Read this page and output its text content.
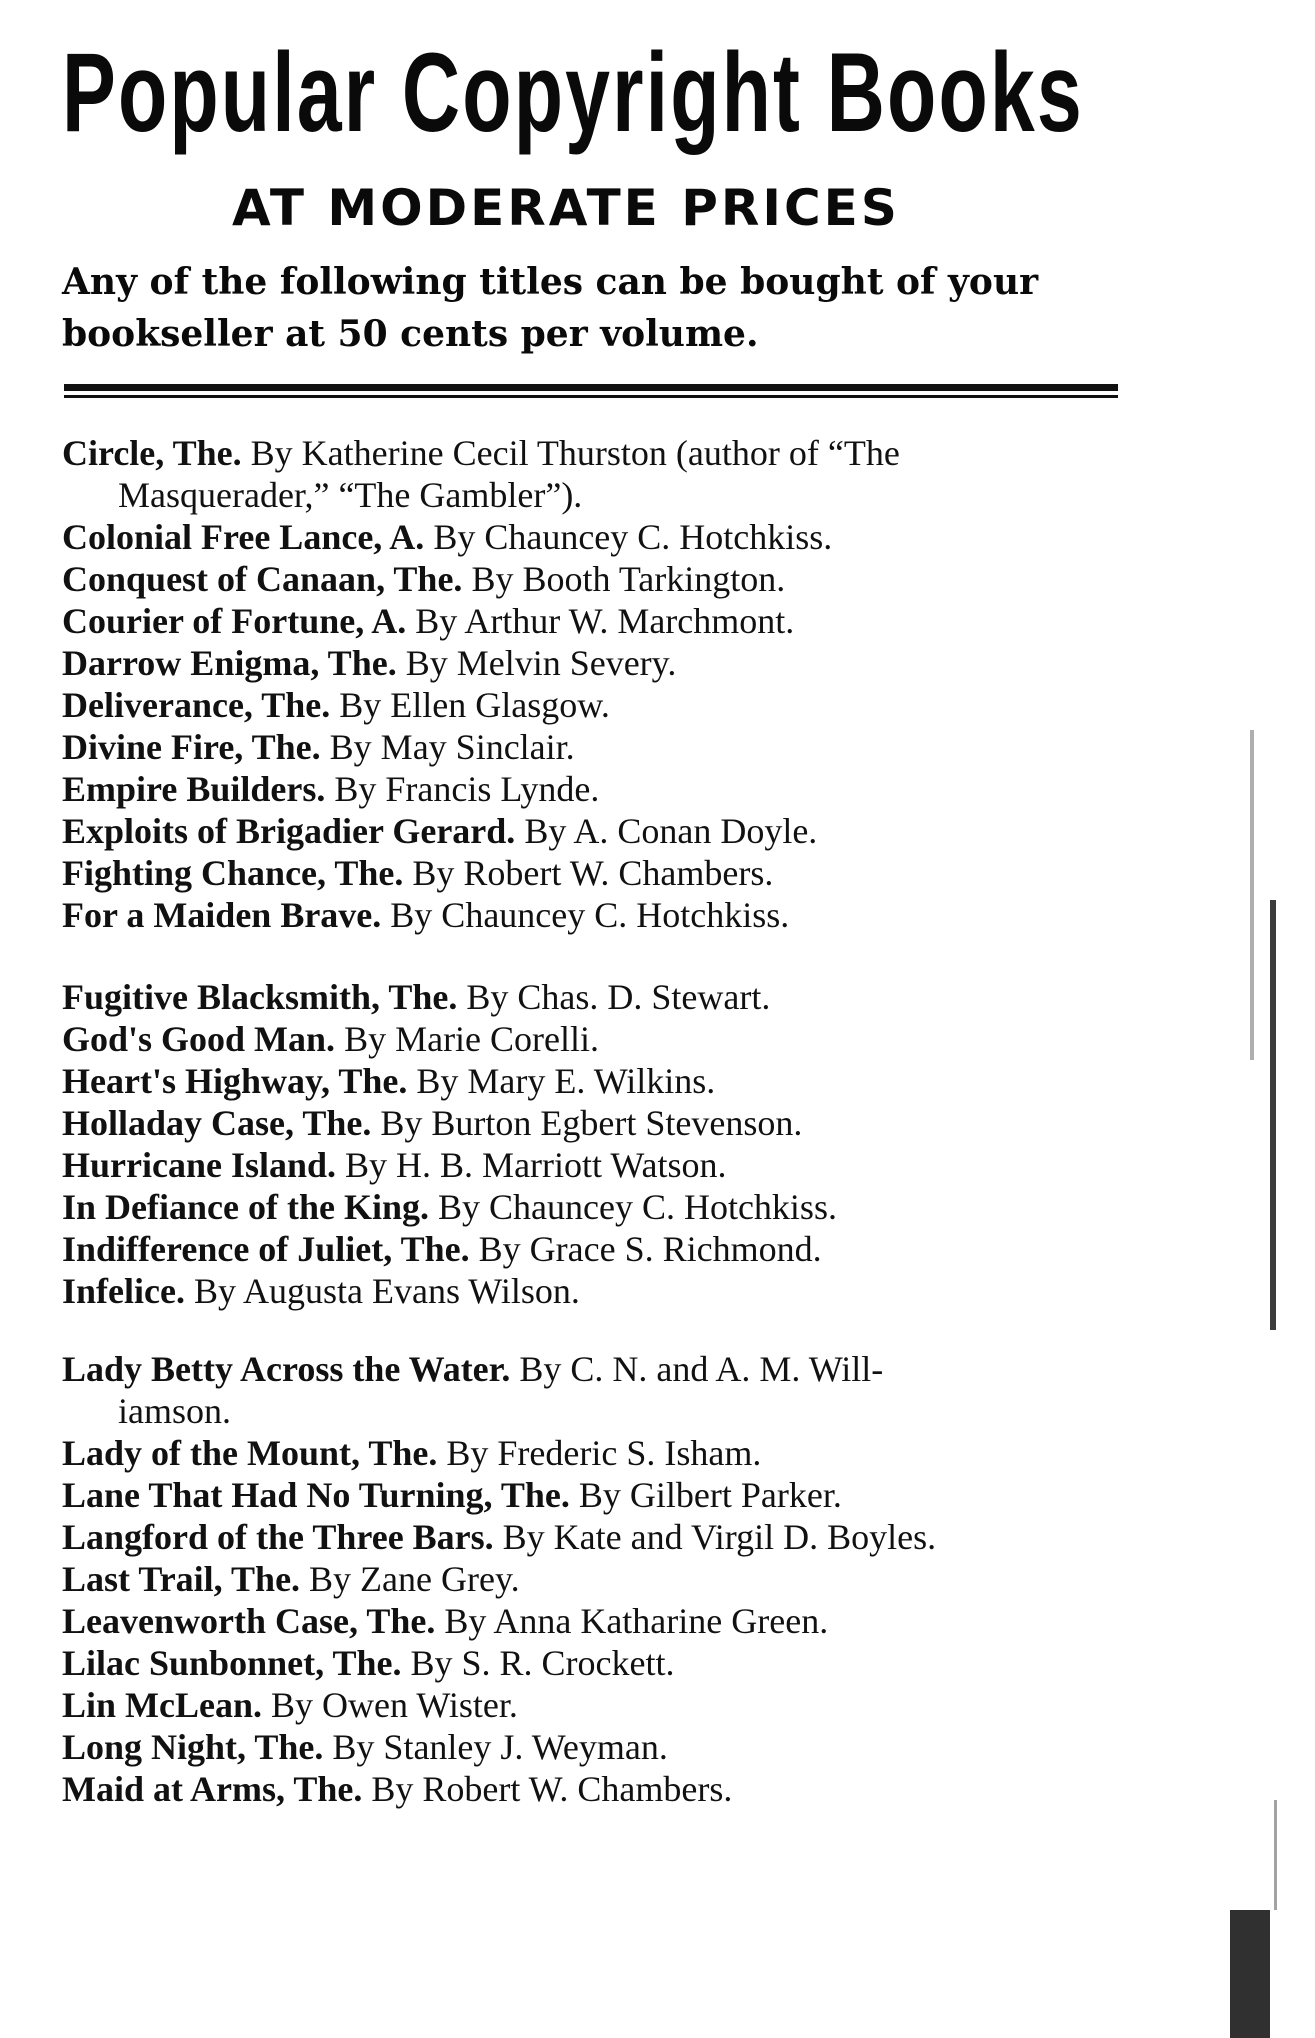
Popular Copyright Books
AT MODERATE PRICES

Any of the following titles can be bought of your bookseller at 50 cents per volume.

Circle, The. By Katherine Cecil Thurston (author of “The
Masquerader,” “The Gambler”).
Colonial Free Lance, A. By Chauncey C. Hotchkiss.
Conquest of Canaan, The. By Booth Tarkington.
Courier of Fortune, A. By Arthur W. Marchmont.
Darrow Enigma, The. By Melvin Severy.
Deliverance, The. By Ellen Glasgow.
Divine Fire, The. By May Sinclair.
Empire Builders. By Francis Lynde.
Exploits of Brigadier Gerard. By A. Conan Doyle.
Fighting Chance, The. By Robert W. Chambers.
For a Maiden Brave. By Chauncey C. Hotchkiss.
Fugitive Blacksmith, The. By Chas. D. Stewart.
God's Good Man. By Marie Corelli.
Heart's Highway, The. By Mary E. Wilkins.
Holladay Case, The. By Burton Egbert Stevenson.
Hurricane Island. By H. B. Marriott Watson.
In Defiance of the King. By Chauncey C. Hotchkiss.
Indifference of Juliet, The. By Grace S. Richmond.
Infelice. By Augusta Evans Wilson.
Lady Betty Across the Water. By C. N. and A. M. Will-
iamson.
Lady of the Mount, The. By Frederic S. Isham.
Lane That Had No Turning, The. By Gilbert Parker.
Langford of the Three Bars. By Kate and Virgil D. Boyles.
Last Trail, The. By Zane Grey.
Leavenworth Case, The. By Anna Katharine Green.
Lilac Sunbonnet, The. By S. R. Crockett.
Lin McLean. By Owen Wister.
Long Night, The. By Stanley J. Weyman.
Maid at Arms, The. By Robert W. Chambers.
